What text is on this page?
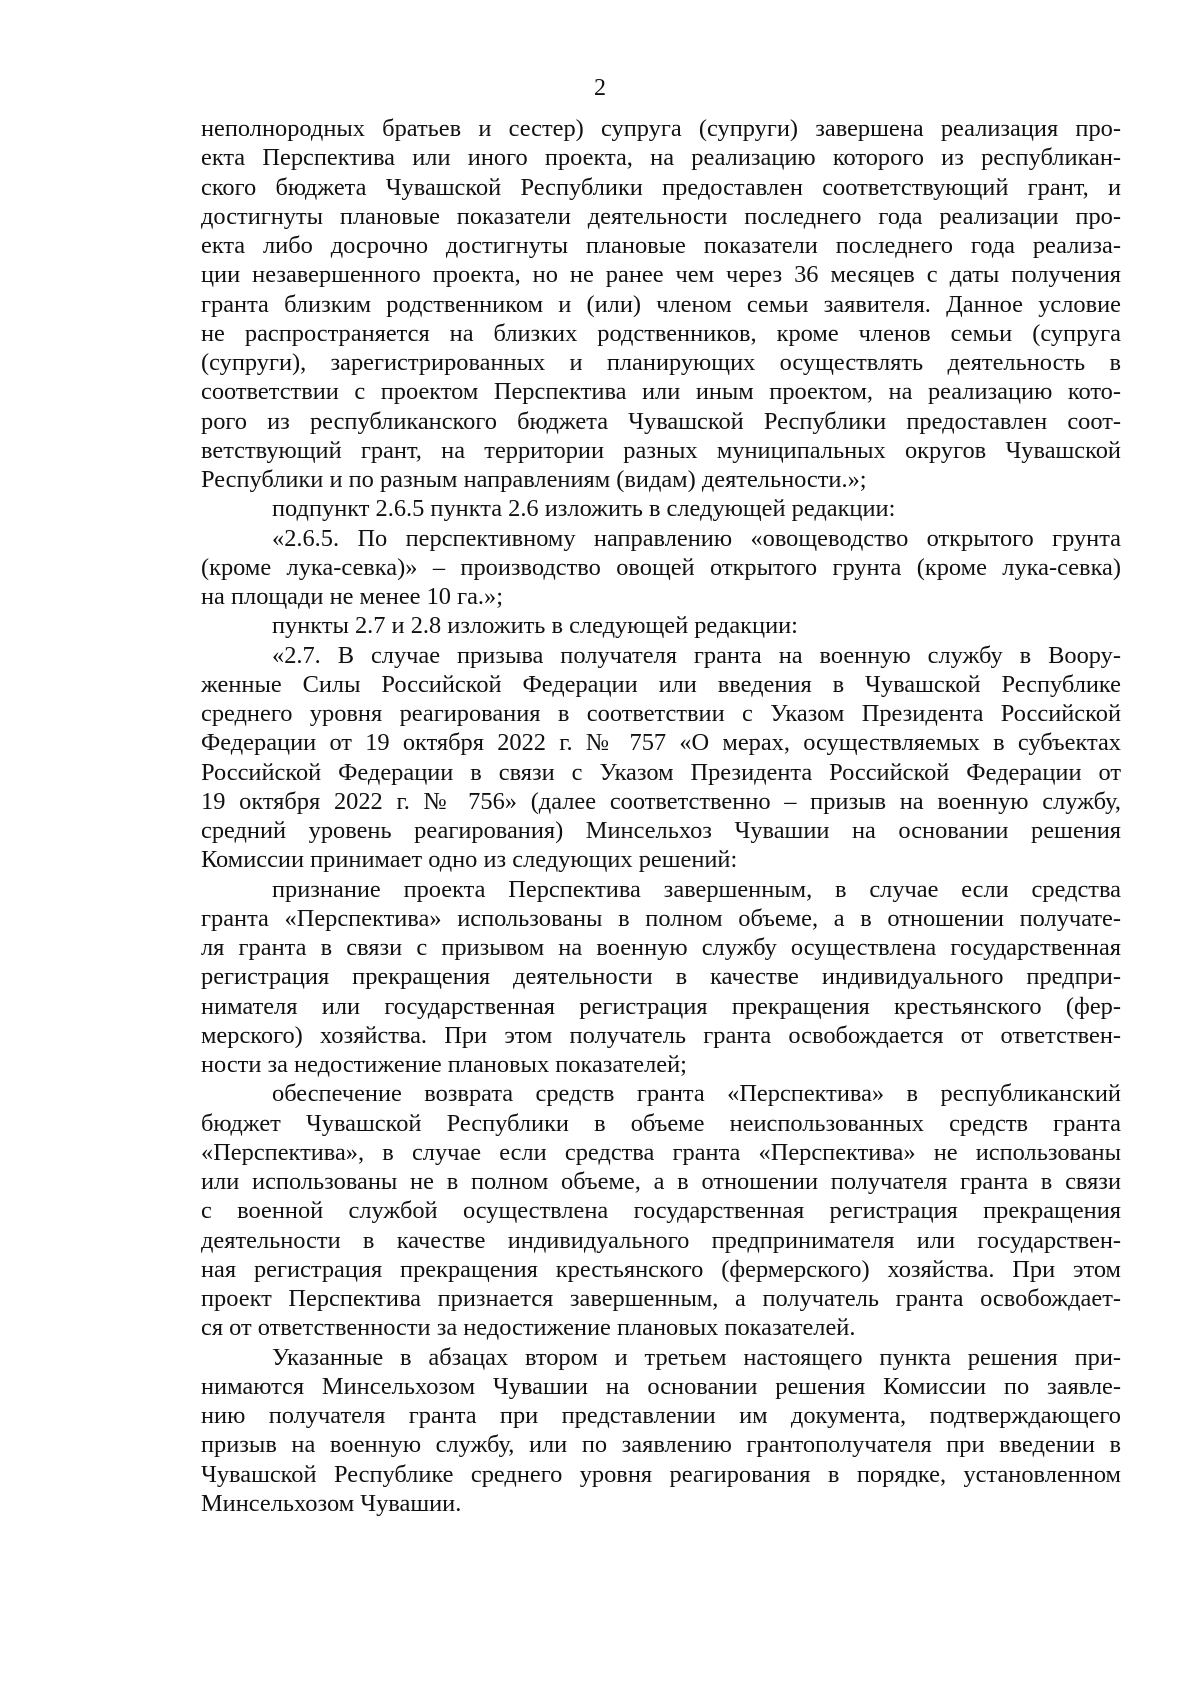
2
неполнородных братьев и сестер) супруга (супруги) завершена реализация про-
екта Перспектива или иного проекта, на реализацию которого из республикан-
ского бюджета Чувашской Республики предоставлен соответствующий грант, и
достигнуты плановые показатели деятельности последнего года реализации про-
екта либо досрочно достигнуты плановые показатели последнего года реализа-
ции незавершенного проекта, но не ранее чем через 36 месяцев с даты получения
гранта близким родственником и (или) членом семьи заявителя. Данное условие
не распространяется на близких родственников, кроме членов семьи (супруга
(супруги), зарегистрированных и планирующих осуществлять деятельность в
соответствии с проектом Перспектива или иным проектом, на реализацию кото-
рого из республиканского бюджета Чувашской Республики предоставлен соот-
ветствующий грант, на территории разных муниципальных округов Чувашской
Республики и по разным направлениям (видам) деятельности.»;
подпункт 2.6.5 пункта 2.6 изложить в следующей редакции:
«2.6.5. По перспективному направлению «овощеводство открытого грунта
(кроме лука-севка)» – производство овощей открытого грунта (кроме лука-севка)
на площади не менее 10 га.»;
пункты 2.7 и 2.8 изложить в следующей редакции:
«2.7. В случае призыва получателя гранта на военную службу в Воору-
женные Силы Российской Федерации или введения в Чувашской Республике
среднего уровня реагирования в соответствии с Указом Президента Российской
Федерации от 19 октября 2022 г. № 757 «О мерах, осуществляемых в субъектах
Российской Федерации в связи с Указом Президента Российской Федерации от
19 октября 2022 г. № 756» (далее соответственно – призыв на военную службу,
средний уровень реагирования) Минсельхоз Чувашии на основании решения
Комиссии принимает одно из следующих решений:
признание проекта Перспектива завершенным, в случае если средства
гранта «Перспектива» использованы в полном объеме, а в отношении получате-
ля гранта в связи с призывом на военную службу осуществлена государственная
регистрация прекращения деятельности в качестве индивидуального предпри-
нимателя или государственная регистрация прекращения крестьянского (фер-
мерского) хозяйства. При этом получатель гранта освобождается от ответствен-
ности за недостижение плановых показателей;
обеспечение возврата средств гранта «Перспектива» в республиканский
бюджет Чувашской Республики в объеме неиспользованных средств гранта
«Перспектива», в случае если средства гранта «Перспектива» не использованы
или использованы не в полном объеме, а в отношении получателя гранта в связи
с военной службой осуществлена государственная регистрация прекращения
деятельности в качестве индивидуального предпринимателя или государствен-
ная регистрация прекращения крестьянского (фермерского) хозяйства. При этом
проект Перспектива признается завершенным, а получатель гранта освобождает-
ся от ответственности за недостижение плановых показателей.
Указанные в абзацах втором и третьем настоящего пункта решения при-
нимаются Минсельхозом Чувашии на основании решения Комиссии по заявле-
нию получателя гранта при представлении им документа, подтверждающего
призыв на военную службу, или по заявлению грантополучателя при введении в
Чувашской Республике среднего уровня реагирования в порядке, установленном
Минсельхозом Чувашии.
